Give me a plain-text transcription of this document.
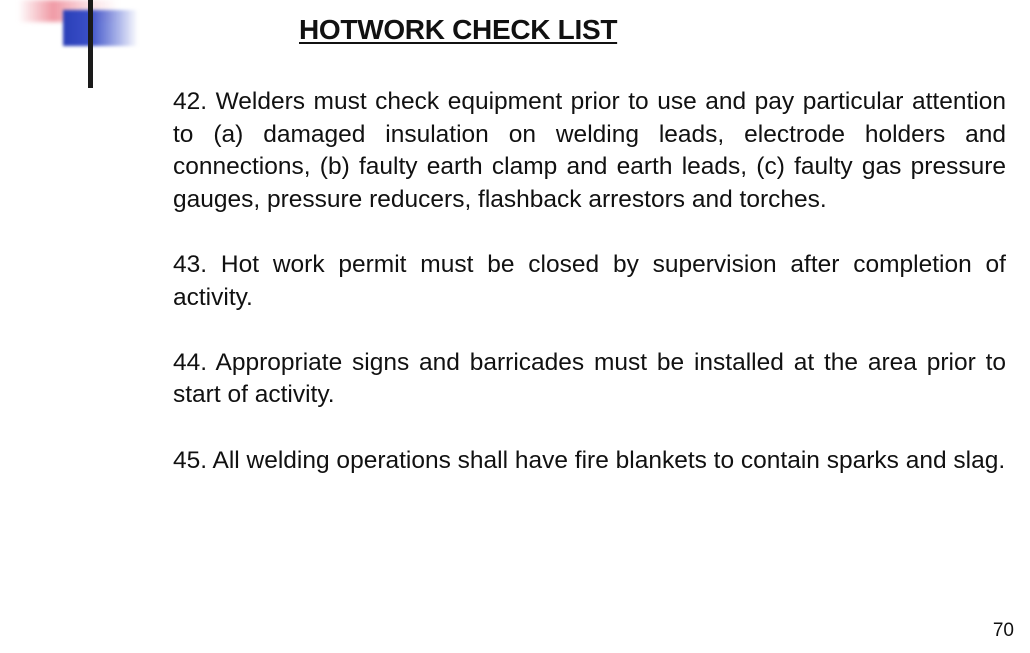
HOTWORK CHECK LIST

42. Welders must check equipment prior to use and pay particular attention to (a) damaged insulation on welding leads, electrode holders and connections, (b) faulty earth clamp and earth leads, (c) faulty gas pressure gauges, pressure reducers, flashback arrestors and torches.

43. Hot work permit must be closed by supervision after completion of activity.

44. Appropriate signs and barricades must be installed at the area prior to start of activity.

45. All welding operations shall have fire blankets to contain sparks and slag.

70
